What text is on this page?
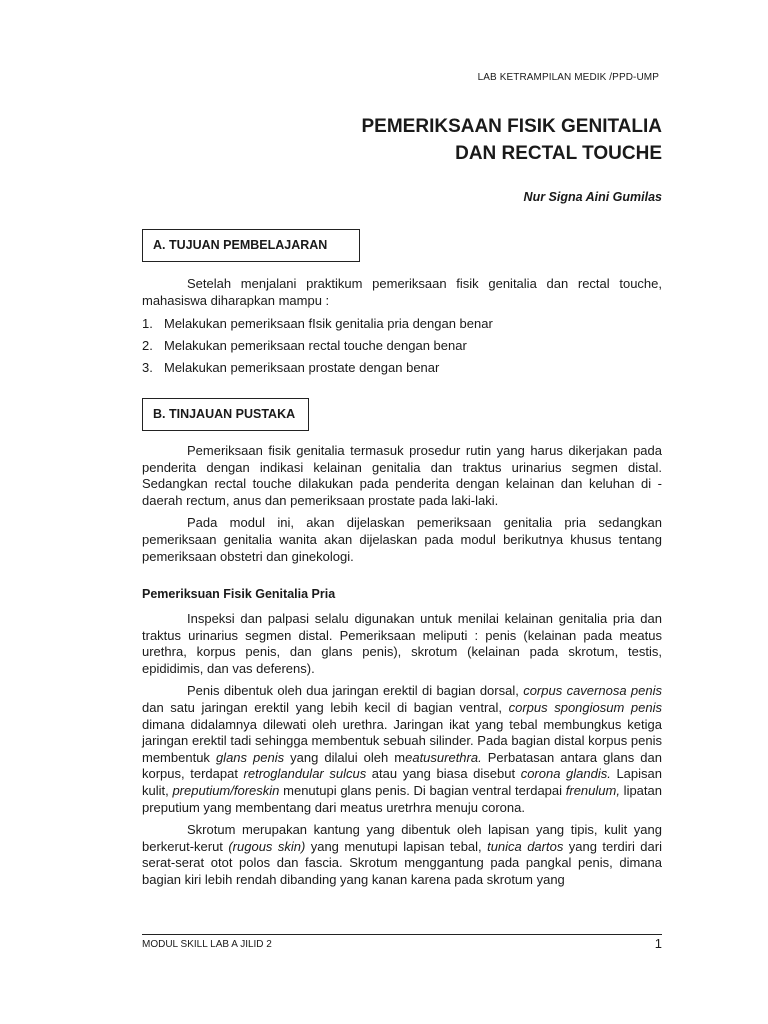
LAB KETRAMPILAN MEDIK /PPD-UMP
PEMERIKSAAN FISIK GENITALIA
DAN RECTAL TOUCHE
Nur Signa Aini Gumilas
A. TUJUAN PEMBELAJARAN

Setelah menjalani praktikum pemeriksaan fisik genitalia dan rectal touche, mahasiswa diharapkan mampu :

1. Melakukan pemeriksaan fIsik genitalia pria dengan benar
2. Melakukan pemeriksaan rectal touche dengan benar
3. Melakukan pemeriksaan prostate dengan benar
B. TINJAUAN PUSTAKA

Pemeriksaan fisik genitalia termasuk prosedur rutin yang harus dikerjakan pada penderita dengan indikasi kelainan genitalia dan traktus urinarius segmen distal. Sedangkan rectal touche dilakukan pada penderita dengan kelainan dan keluhan di -daerah rectum, anus dan pemeriksaan prostate pada laki-laki.

Pada modul ini, akan dijelaskan pemeriksaan genitalia pria sedangkan pemeriksaan genitalia wanita akan dijelaskan pada modul berikutnya khusus tentang pemeriksaan obstetri dan ginekologi.

Pemeriksuan Fisik Genitalia Pria

Inspeksi dan palpasi selalu digunakan untuk menilai kelainan genitalia pria dan traktus urinarius segmen distal. Pemeriksaan meliputi : penis (kelainan pada meatus urethra, korpus penis, dan glans penis), skrotum (kelainan pada skrotum, testis, epididimis, dan vas deferens).

Penis dibentuk oleh dua jaringan erektil di bagian dorsal, corpus cavernosa penis dan satu jaringan erektil yang lebih kecil di bagian ventral, corpus spongiosum penis dimana didalamnya dilewati oleh urethra. Jaringan ikat yang tebal membungkus ketiga jaringan erektil tadi sehingga membentuk sebuah silinder. Pada bagian distal korpus penis membentuk glans penis yang dilalui oleh meatusurethra. Perbatasan antara glans dan korpus, terdapat retroglandular sulcus atau yang biasa disebut corona glandis. Lapisan kulit, preputium/foreskin menutupi glans penis. Di bagian ventral terdapai frenulum, lipatan preputium yang membentang dari meatus uretrhra menuju corona.

Skrotum merupakan kantung yang dibentuk oleh lapisan yang tipis, kulit yang berkerut-kerut (rugous skin) yang menutupi lapisan tebal, tunica dartos yang terdiri dari serat-serat otot polos dan fascia. Skrotum menggantung pada pangkal penis, dimana bagian kiri lebih rendah dibanding yang kanan karena pada skrotum yang

MODUL SKILL LAB A JILID 2	1
